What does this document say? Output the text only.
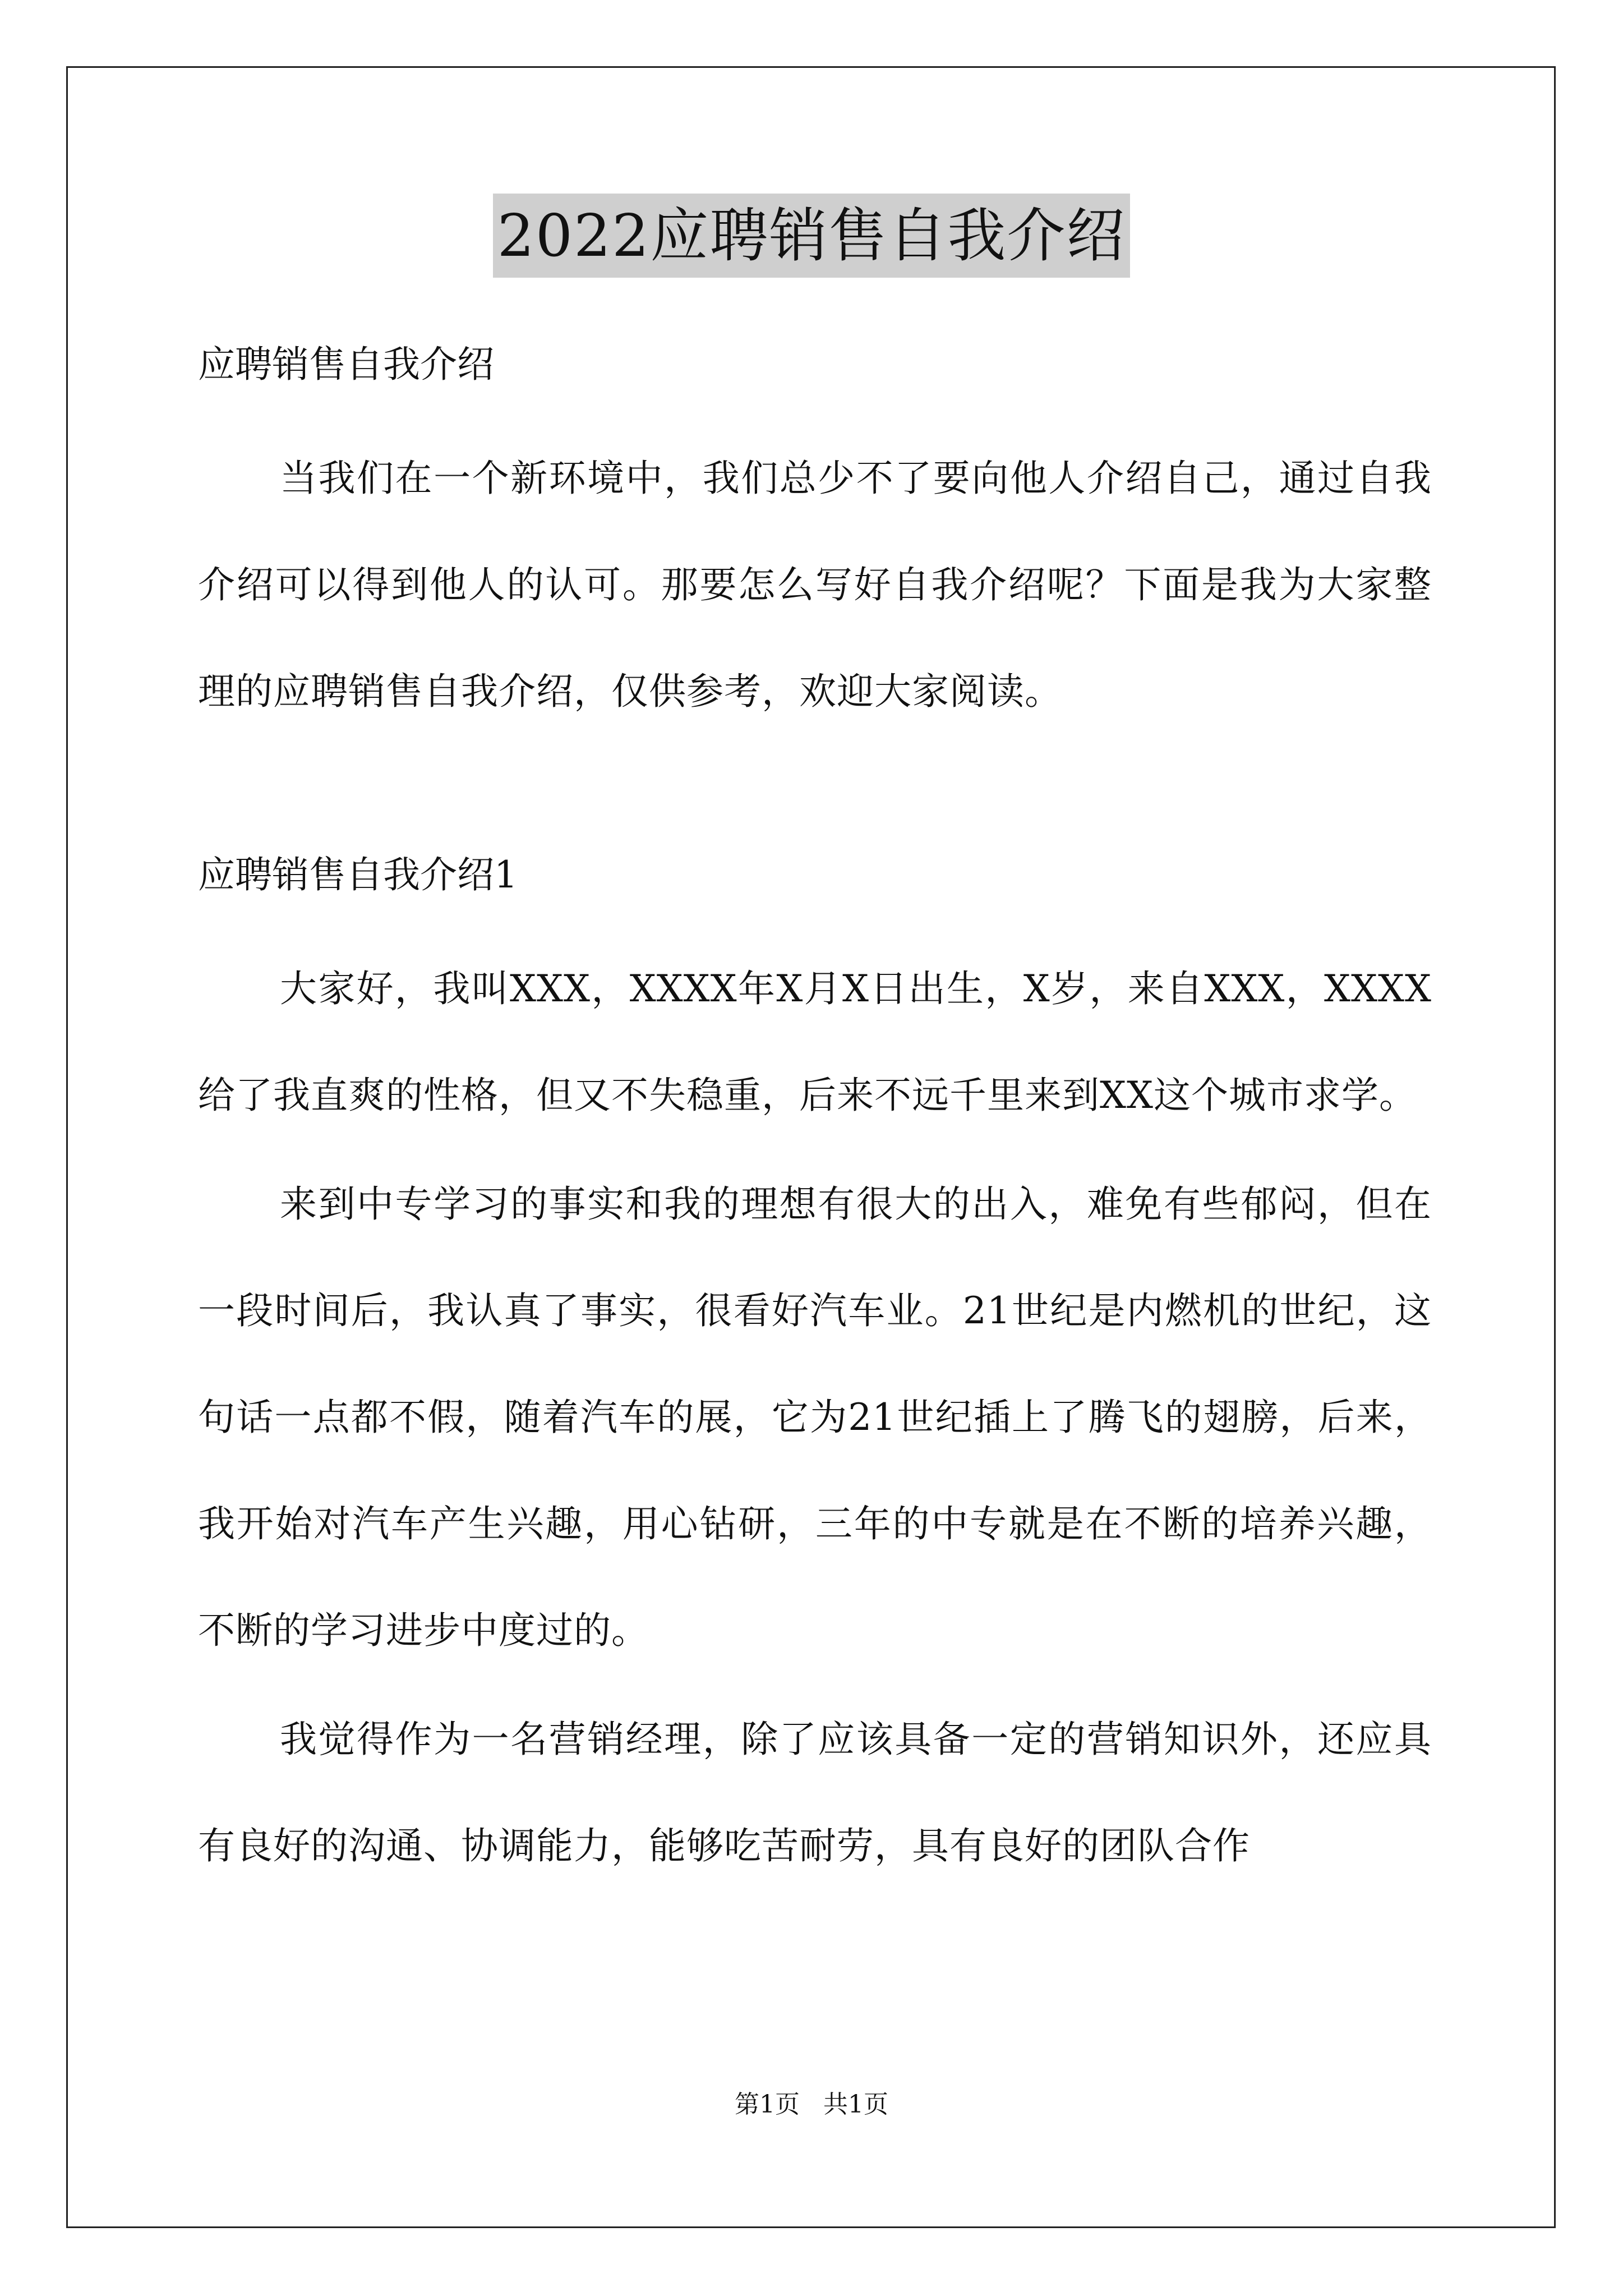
2022应聘销售自我介绍

应聘销售自我介绍

当我们在一个新环境中，我们总少不了要向他人介绍自己，通过自我介绍可以得到他人的认可。那要怎么写好自我介绍呢？下面是我为大家整理的应聘销售自我介绍，仅供参考，欢迎大家阅读。

应聘销售自我介绍1

大家好，我叫XXX，XXXX年X月X日出生，X岁，来自XXX，XXXX给了我直爽的性格，但又不失稳重，后来不远千里来到XX这个城市求学。

来到中专学习的事实和我的理想有很大的出入，难免有些郁闷，但在一段时间后，我认真了事实，很看好汽车业。21世纪是内燃机的世纪，这句话一点都不假，随着汽车的展，它为21世纪插上了腾飞的翅膀，后来，我开始对汽车产生兴趣，用心钻研，三年的中专就是在不断的培养兴趣，不断的学习进步中度过的。

我觉得作为一名营销经理，除了应该具备一定的营销知识外，还应具有良好的沟通、协调能力，能够吃苦耐劳，具有良好的团队合作

第1页   共1页
